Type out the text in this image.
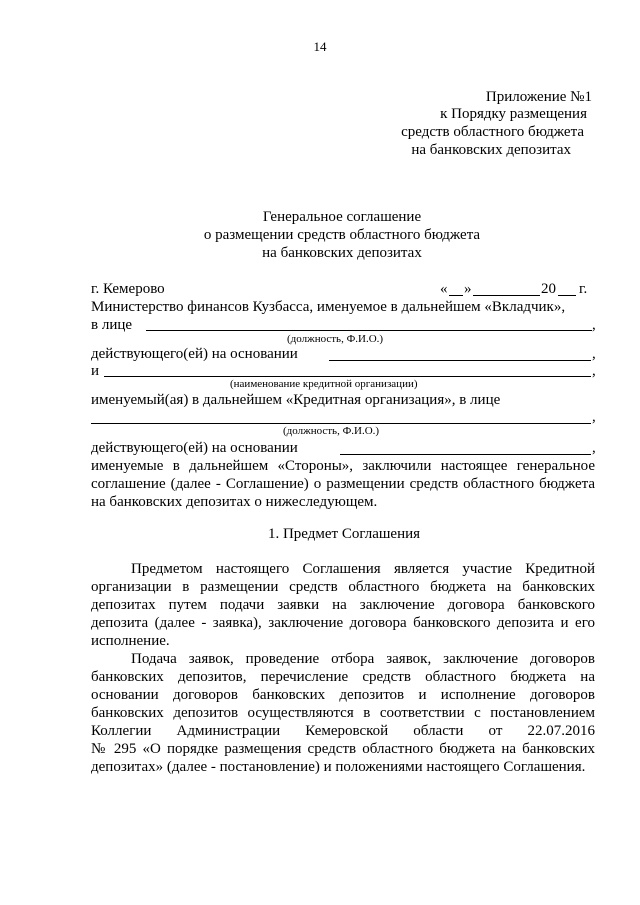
14
Приложение №1
к Порядку размещения
средств областного бюджета
на банковских депозитах
Генеральное соглашение
о размещении средств областного бюджета
на банковских депозитах
г. Кемерово	« »	20 г.
Министерство финансов Кузбасса, именуемое в дальнейшем «Вкладчик»,
в лице	,
(должность, Ф.И.О.)
действующего(ей) на основании	,
и	,
(наименование кредитной организации)
именуемый(ая) в дальнейшем «Кредитная организация», в лице
,
(должность, Ф.И.О.)
действующего(ей) на основании	,
именуемые в дальнейшем «Стороны», заключили настоящее генеральное
соглашение (далее - Соглашение) о размещении средств областного бюджета
на банковских депозитах о нижеследующем.
1. Предмет Соглашения
Предметом настоящего Соглашения является участие Кредитной
организации в размещении средств областного бюджета на банковских
депозитах путем подачи заявки на заключение договора банковского
депозита (далее - заявка), заключение договора банковского депозита и его
исполнение.
Подача заявок, проведение отбора заявок, заключение договоров
банковских депозитов, перечисление средств областного бюджета на
основании договоров банковских депозитов и исполнение договоров
банковских депозитов осуществляются в соответствии с постановлением
Коллегии Администрации Кемеровской области от 22.07.2016
№ 295 «О порядке размещения средств областного бюджета на банковских
депозитах» (далее - постановление) и положениями настоящего Соглашения.
